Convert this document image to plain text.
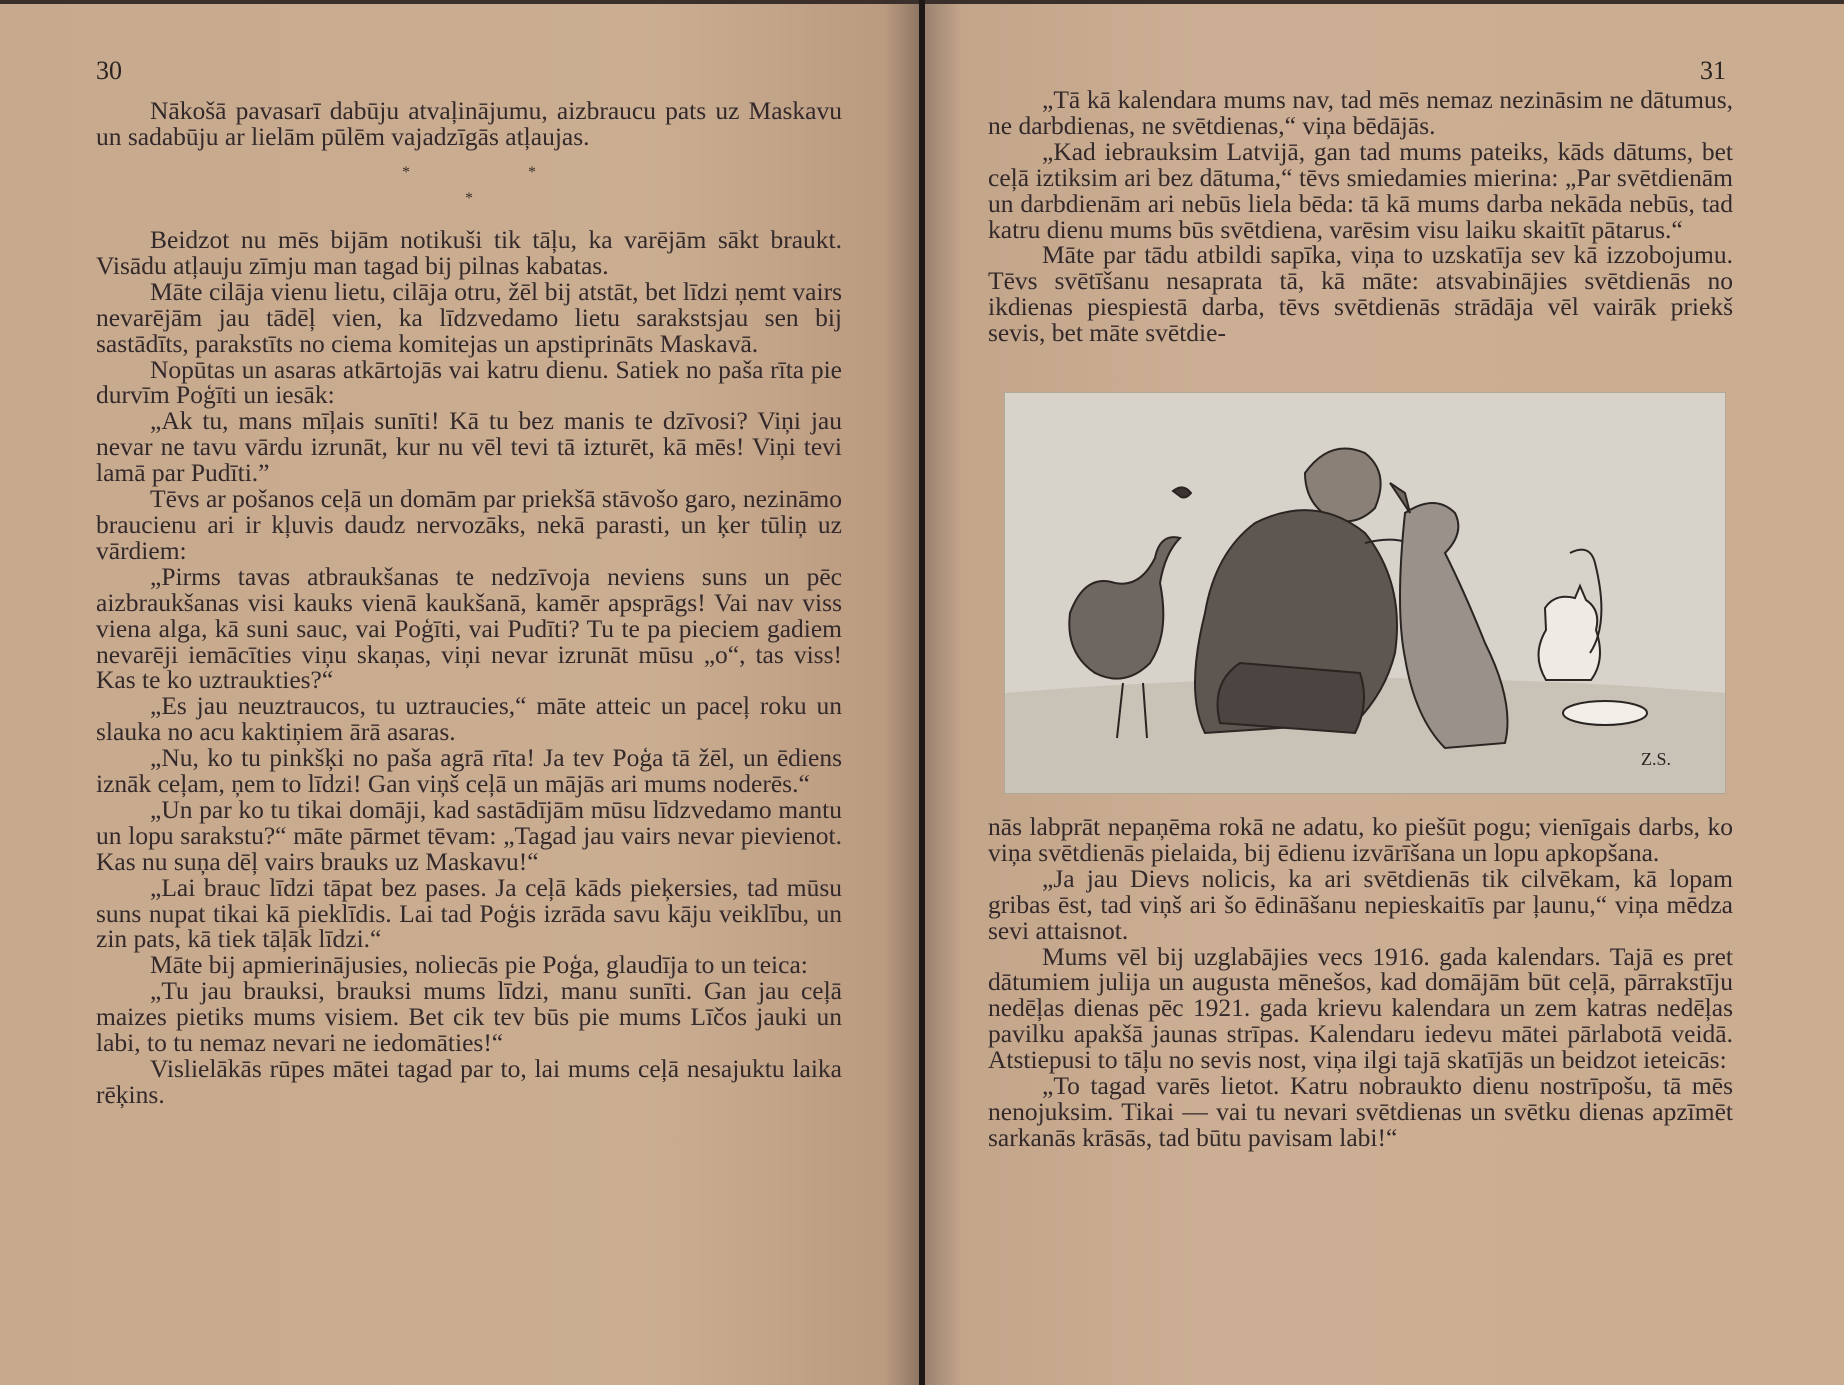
30

Nākošā pavasarī dabūju atvaļinājumu, aizbraucu pats uz Maskavu un sadabūju ar lielām pūlēm vajadzīgās atļaujas.

*	*
*

Beidzot nu mēs bijām notikuši tik tāļu, ka varējām sākt braukt. Visādu atļauju zīmju man tagad bij pilnas kabatas.

Māte cilāja vienu lietu, cilāja otru, žēl bij atstāt, bet līdzi ņemt vairs nevarējām jau tādēļ vien, ka līdzvedamo lietu sarakstsjau sen bij sastādīts, parakstīts no ciema komitejas un apstiprināts Maskavā.

Nopūtas un asaras atkārtojās vai katru dienu. Satiek no paša rīta pie durvīm Poģīti un iesāk:

„Ak tu, mans mīļais sunīti! Kā tu bez manis te dzīvosi? Viņi jau nevar ne tavu vārdu izrunāt, kur nu vēl tevi tā izturēt, kā mēs! Viņi tevi lamā par Pudīti.”

Tēvs ar pošanos ceļā un domām par priekšā stāvošo garo, nezināmo braucienu ari ir kļuvis daudz nervozāks, nekā parasti, un ķer tūliņ uz vārdiem:

„Pirms tavas atbraukšanas te nedzīvoja neviens suns un pēc aizbraukšanas visi kauks vienā kaukšanā, kamēr apsprāgs! Vai nav viss viena alga, kā suni sauc, vai Poģīti, vai Pudīti? Tu te pa pieciem gadiem nevarēji iemācīties viņu skaņas, viņi nevar izrunāt mūsu „o“, tas viss! Kas te ko uztraukties?“

„Es jau neuztraucos, tu uztraucies,“ māte atteic un paceļ roku un slauka no acu kaktiņiem ārā asaras.

„Nu, ko tu pinkšķi no paša agrā rīta! Ja tev Poģa tā žēl, un ēdiens iznāk ceļam, ņem to līdzi! Gan viņš ceļā un mājās ari mums noderēs.“

„Un par ko tu tikai domāji, kad sastādījām mūsu līdzvedamo mantu un lopu sarakstu?“ māte pārmet tēvam: „Tagad jau vairs nevar pievienot. Kas nu suņa dēļ vairs brauks uz Maskavu!“

„Lai brauc līdzi tāpat bez pases. Ja ceļā kāds pieķersies, tad mūsu suns nupat tikai kā pieklīdis. Lai tad Poģis izrāda savu kāju veiklību, un zin pats, kā tiek tāļāk līdzi.“

Māte bij apmierinājusies, noliecās pie Poģa, glaudīja to un teica:

„Tu jau brauksi, brauksi mums līdzi, manu sunīti. Gan jau ceļā maizes pietiks mums visiem. Bet cik tev būs pie mums Līčos jauki un labi, to tu nemaz nevari ne iedomāties!“

Vislielākās rūpes mātei tagad par to, lai mums ceļā nesajuktu laika rēķins.

31

„Tā kā kalendara mums nav, tad mēs nemaz nezināsim ne dātumus, ne darbdienas, ne svētdienas,“ viņa bēdājās.

„Kad iebrauksim Latvijā, gan tad mums pateiks, kāds dātums, bet ceļā iztiksim ari bez dātuma,“ tēvs smiedamies mierina: „Par svētdienām un darbdienām ari nebūs liela bēda: tā kā mums darba nekāda nebūs, tad katru dienu mums būs svētdiena, varēsim visu laiku skaitīt pātarus.“

Māte par tādu atbildi sapīka, viņa to uzskatīja sev kā izzobojumu. Tēvs svētīšanu nesaprata tā, kā māte: atsvabinājies svētdienās no ikdienas piespiestā darba, tēvs svētdienās strādāja vēl vairāk priekš sevis, bet māte svētdie-

Z.S.

nās labprāt nepaņēma rokā ne adatu, ko piešūt pogu; vienīgais darbs, ko viņa svētdienās pielaida, bij ēdienu izvārīšana un lopu apkopšana.

„Ja jau Dievs nolicis, ka ari svētdienās tik cilvēkam, kā lopam gribas ēst, tad viņš ari šo ēdināšanu nepieskaitīs par ļaunu,“ viņa mēdza sevi attaisnot.

Mums vēl bij uzglabājies vecs 1916. gada kalendars. Tajā es pret dātumiem julija un augusta mēnešos, kad domājām būt ceļā, pārrakstīju nedēļas dienas pēc 1921. gada krievu kalendara un zem katras nedēļas pavilku apakšā jaunas strīpas. Kalendaru iedevu mātei pārlabotā veidā. Atstiepusi to tāļu no sevis nost, viņa ilgi tajā skatījās un beidzot ieteicās:

„To tagad varēs lietot. Katru nobraukto dienu nostrīpošu, tā mēs nenojuksim. Tikai — vai tu nevari svētdienas un svētku dienas apzīmēt sarkanās krāsās, tad būtu pavisam labi!“
